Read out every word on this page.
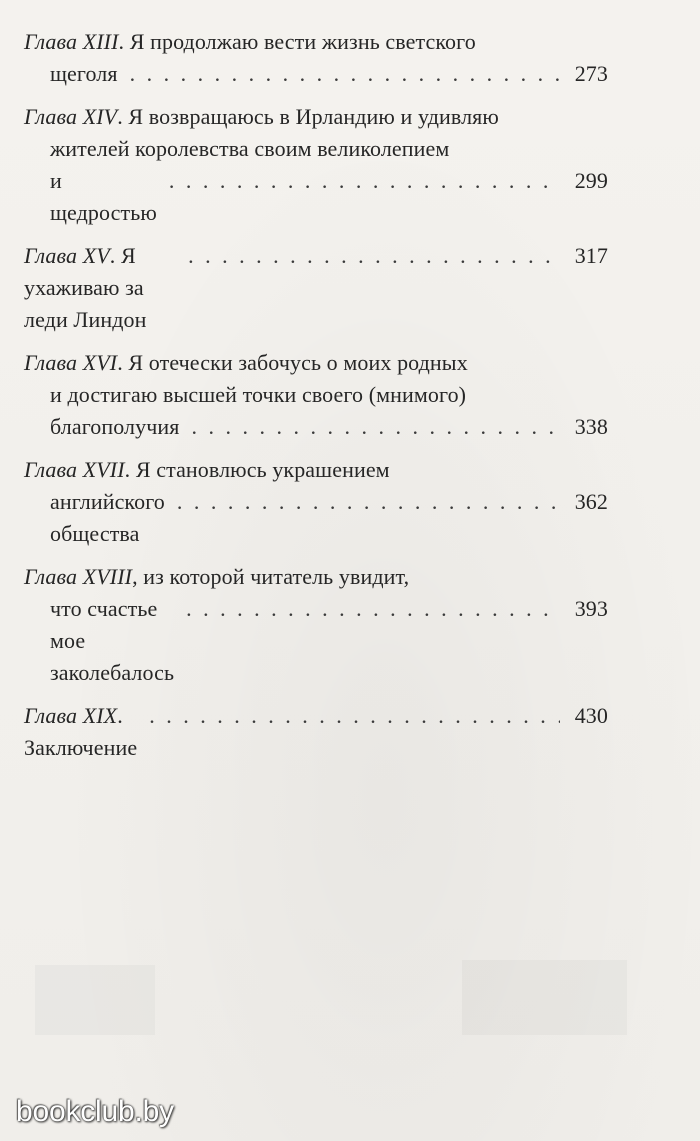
Глава XIII. Я продолжаю вести жизнь светского

щеголя . . .	273

Глава XIV. Я возвращаюсь в Ирландию и удивляю

жителей королевства своим великолепием

и щедростью
. . .
299
Глава XV. Я ухаживаю за леди Линдон
. . .
317

Глава XVI. Я отечески забочусь о моих родных

и достигаю высшей точки своего (мнимого)

благополучия . . .	338

Глава XVII. Я становлюсь украшением

английского общества
. . .
362

Глава XVIII, из которой читатель увидит,

что счастье мое заколебалось
. . .
393
Глава XIX. Заключение
. . .
430
bookclub.by
